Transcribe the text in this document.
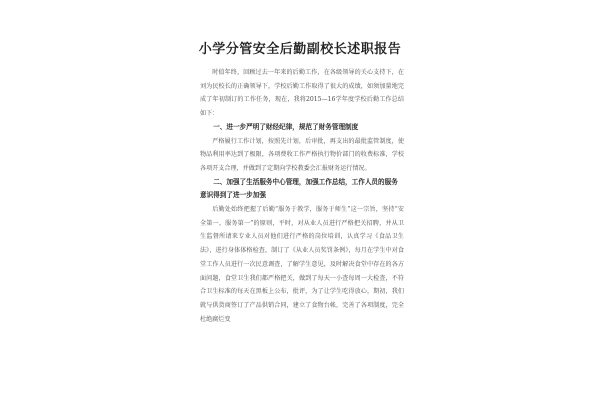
小学分管安全后勤副校长述职报告

时值年终，回顾过去一年来的后勤工作，在各级领导的关心支持下，在刘为民校长的正确领导下，学校后勤工作取得了很大的成绩，如须加量地完成了年初制订的工作任务，现在，我将2015—16学年度学校后勤工作总结如下：

一、进一步严明了财经纪律，规范了财务管理制度

严格履行工作计划，按照先计划，后审批，再支出的最批监管制度，使物品利用率达到了极限，各项费收工作严格执行物价部门的收费标准，学校各项开支合理，并做到了定期向学校教委会汇报财务运行情况。

二、加强了生活服务中心管理，加强工作总结，工作人员的服务意识得到了进一步加强

后勤处始终把握了后勤“服务于教学，服务于师生”这一宗旨，坚持“安全第一、服务第一”的原则，平时，对从业人员进行严格把关招聘，并从卫生监督所请来专业人员对他们进行严格的岗位培训，认真学习《食品卫生法》，进行身体体格检查，制订了《从业人员奖罚条例》，每月在学生中对食堂工作人员进行一次民意调查，了解学生意见，及时解决食堂中存在的各方面问题，食堂卫生我们都严格把关，做到了每天一小查每周一大检查，不符合卫生标准的每天在黑板上公布，批评，为了让学生吃得放心，期初，我们就与供货商签订了产品供销合同，建立了食物台帐，完善了各项制度，完全杜绝腐烂变
